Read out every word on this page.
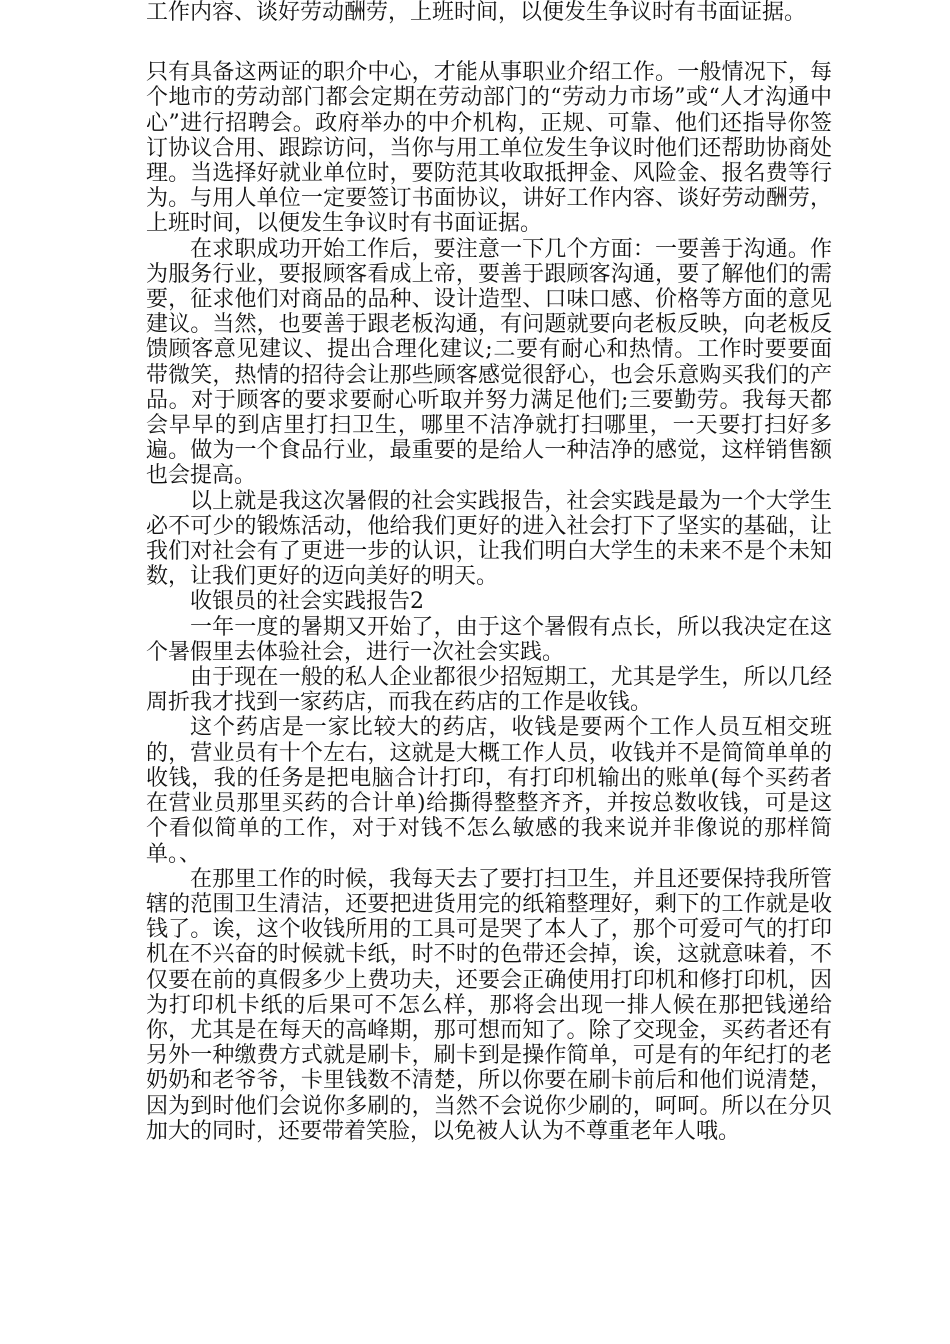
工作内容、谈好劳动酬劳，上班时间，以便发生争议时有书面证据。

只有具备这两证的职介中心，才能从事职业介绍工作。一般情况下，每个地市的劳动部门都会定期在劳动部门的“劳动力市场”或“人才沟通中心”进行招聘会。政府举办的中介机构，正规、可靠、他们还指导你签订协议合用、跟踪访问，当你与用工单位发生争议时他们还帮助协商处理。当选择好就业单位时，要防范其收取抵押金、风险金、报名费等行为。与用人单位一定要签订书面协议，讲好工作内容、谈好劳动酬劳，上班时间，以便发生争议时有书面证据。

在求职成功开始工作后，要注意一下几个方面：一要善于沟通。作为服务行业，要报顾客看成上帝，要善于跟顾客沟通，要了解他们的需要，征求他们对商品的品种、设计造型、口味口感、价格等方面的意见建议。当然，也要善于跟老板沟通，有问题就要向老板反映，向老板反馈顾客意见建议、提出合理化建议;二要有耐心和热情。工作时要要面带微笑，热情的招待会让那些顾客感觉很舒心，也会乐意购买我们的产品。对于顾客的要求要耐心听取并努力满足他们;三要勤劳。我每天都会早早的到店里打扫卫生，哪里不洁净就打扫哪里，一天要打扫好多遍。做为一个食品行业，最重要的是给人一种洁净的感觉，这样销售额也会提高。

以上就是我这次暑假的社会实践报告，社会实践是最为一个大学生必不可少的锻炼活动，他给我们更好的进入社会打下了坚实的基础，让我们对社会有了更进一步的认识，让我们明白大学生的未来不是个未知数，让我们更好的迈向美好的明天。

收银员的社会实践报告2

一年一度的暑期又开始了，由于这个暑假有点长，所以我决定在这个暑假里去体验社会，进行一次社会实践。

由于现在一般的私人企业都很少招短期工，尤其是学生，所以几经周折我才找到一家药店，而我在药店的工作是收钱。

这个药店是一家比较大的药店，收钱是要两个工作人员互相交班的，营业员有十个左右，这就是大概工作人员，收钱并不是简简单单的收钱，我的任务是把电脑合计打印，有打印机输出的账单(每个买药者在营业员那里买药的合计单)给撕得整整齐齐，并按总数收钱，可是这个看似简单的工作，对于对钱不怎么敏感的我来说并非像说的那样简单。、

在那里工作的时候，我每天去了要打扫卫生，并且还要保持我所管辖的范围卫生清洁，还要把进货用完的纸箱整理好，剩下的工作就是收钱了。诶，这个收钱所用的工具可是哭了本人了，那个可爱可气的打印机在不兴奋的时候就卡纸，时不时的色带还会掉，诶，这就意味着，不仅要在前的真假多少上费功夫，还要会正确使用打印机和修打印机，因为打印机卡纸的后果可不怎么样，那将会出现一排人候在那把钱递给你，尤其是在每天的高峰期，那可想而知了。除了交现金，买药者还有另外一种缴费方式就是刷卡，刷卡到是操作简单，可是有的年纪打的老奶奶和老爷爷，卡里钱数不清楚，所以你要在刷卡前后和他们说清楚，因为到时他们会说你多刷的，当然不会说你少刷的，呵呵。所以在分贝加大的同时，还要带着笑脸，以免被人认为不尊重老年人哦。
